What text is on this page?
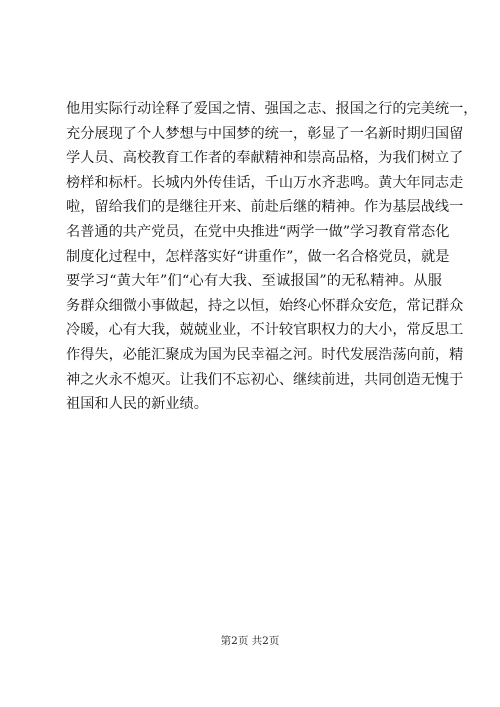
他用实际行动诠释了爱国之情、强国之志、报国之行的完美统一，
充分展现了个人梦想与中国梦的统一，彰显了一名新时期归国留
学人员、高校教育工作者的奉献精神和崇高品格，为我们树立了
榜样和标杆。长城内外传佳话，千山万水齐悲鸣。黄大年同志走
啦，留给我们的是继往开来、前赴后继的精神。作为基层战线一
名普通的共产党员，在党中央推进“两学一做”学习教育常态化
制度化过程中，怎样落实好“讲重作”，做一名合格党员，就是
要学习“黄大年”们“心有大我、至诚报国”的无私精神。从服
务群众细微小事做起，持之以恒，始终心怀群众安危，常记群众
冷暖，心有大我，兢兢业业，不计较官职权力的大小，常反思工
作得失，必能汇聚成为国为民幸福之河。时代发展浩荡向前，精
神之火永不熄灭。让我们不忘初心、继续前进，共同创造无愧于
祖国和人民的新业绩。
第2页 共2页
